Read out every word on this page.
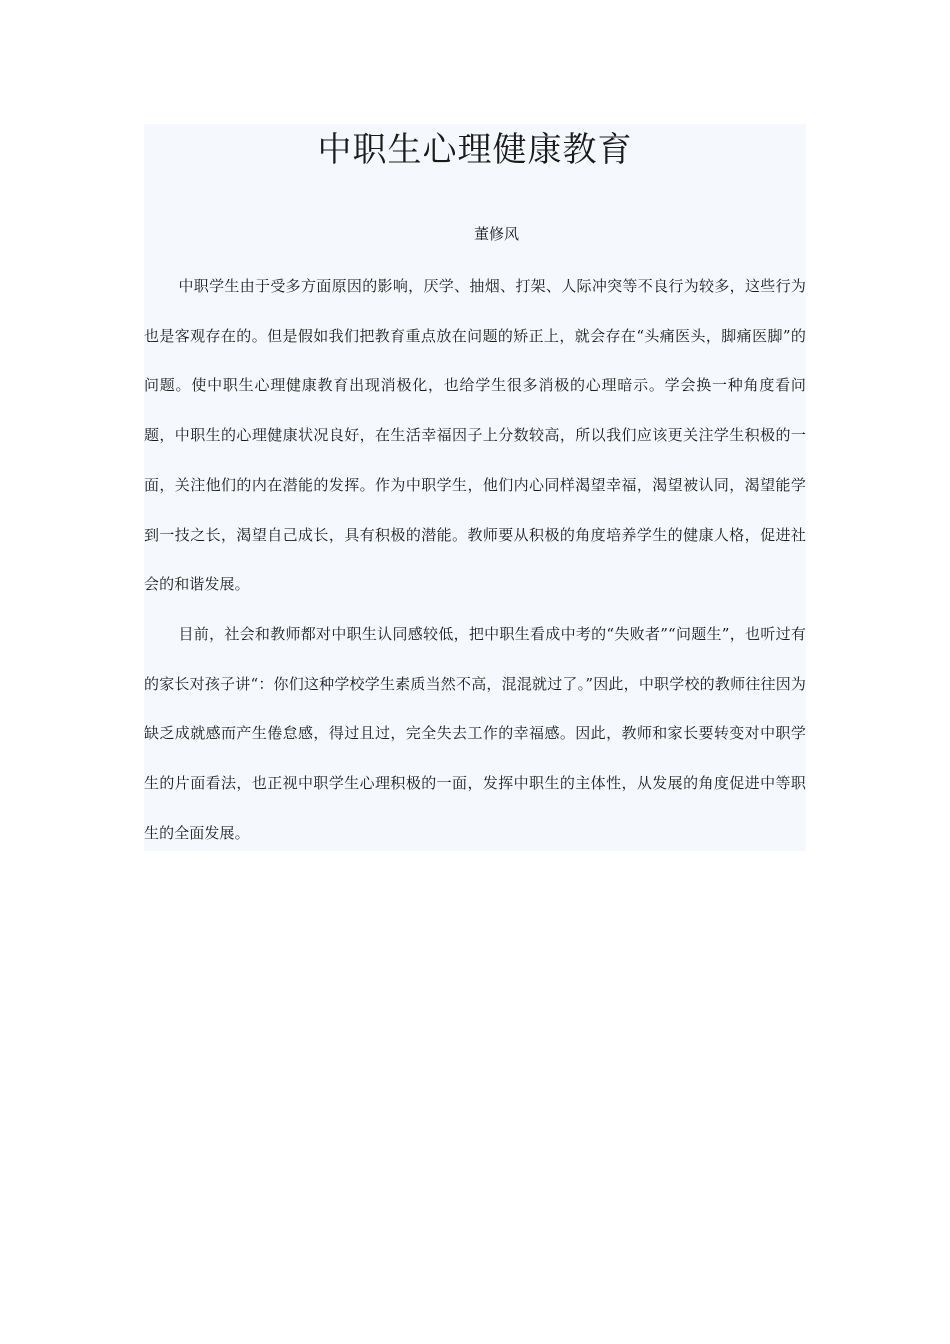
中职生心理健康教育

董修风

中职学生由于受多方面原因的影响，厌学、抽烟、打架、人际冲突等不良行为较多，这些行为也是客观存在的。但是假如我们把教育重点放在问题的矫正上，就会存在“头痛医头，脚痛医脚”的问题。使中职生心理健康教育出现消极化，也给学生很多消极的心理暗示。学会换一种角度看问题，中职生的心理健康状况良好，在生活幸福因子上分数较高，所以我们应该更关注学生积极的一面，关注他们的内在潜能的发挥。作为中职学生，他们内心同样渴望幸福，渴望被认同，渴望能学到一技之长，渴望自己成长，具有积极的潜能。教师要从积极的角度培养学生的健康人格，促进社会的和谐发展。

目前，社会和教师都对中职生认同感较低，把中职生看成中考的“失败者”“问题生”，也听过有的家长对孩子讲“：你们这种学校学生素质当然不高，混混就过了。”因此，中职学校的教师往往因为缺乏成就感而产生倦怠感，得过且过，完全失去工作的幸福感。因此，教师和家长要转变对中职学生的片面看法，也正视中职学生心理积极的一面，发挥中职生的主体性，从发展的角度促进中等职生的全面发展。
